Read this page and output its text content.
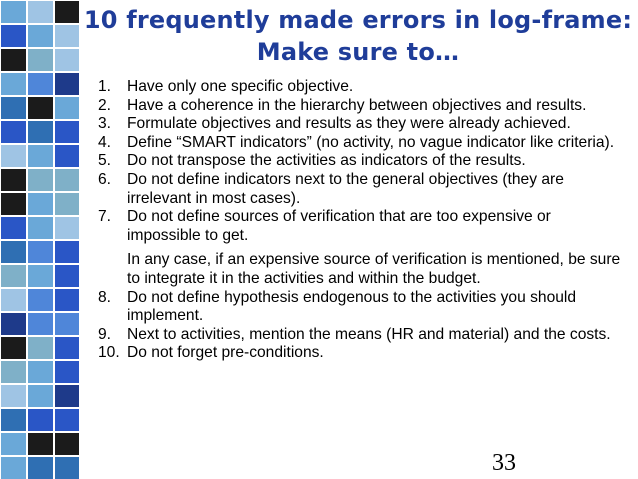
10 frequently made errors in log-frame:
Make sure to…
1.	Have only one specific objective.
2.	Have a coherence in the hierarchy between objectives and results.
3.	Formulate objectives and results as they were already achieved.
4.	Define “SMART indicators” (no activity, no vague indicator like criteria).
5.	Do not transpose the activities as indicators of the results.
6.	Do not define indicators next to the general objectives (they are irrelevant in most cases).
7.	Do not define sources of verification that are too expensive or impossible to get.
In any case, if an expensive source of verification is mentioned, be sure to integrate it in the activities and within the budget.
8.	Do not define hypothesis endogenous to the activities you should implement.
9.	Next to activities, mention the means (HR and material) and the costs.
10. Do not forget pre-conditions.
33
